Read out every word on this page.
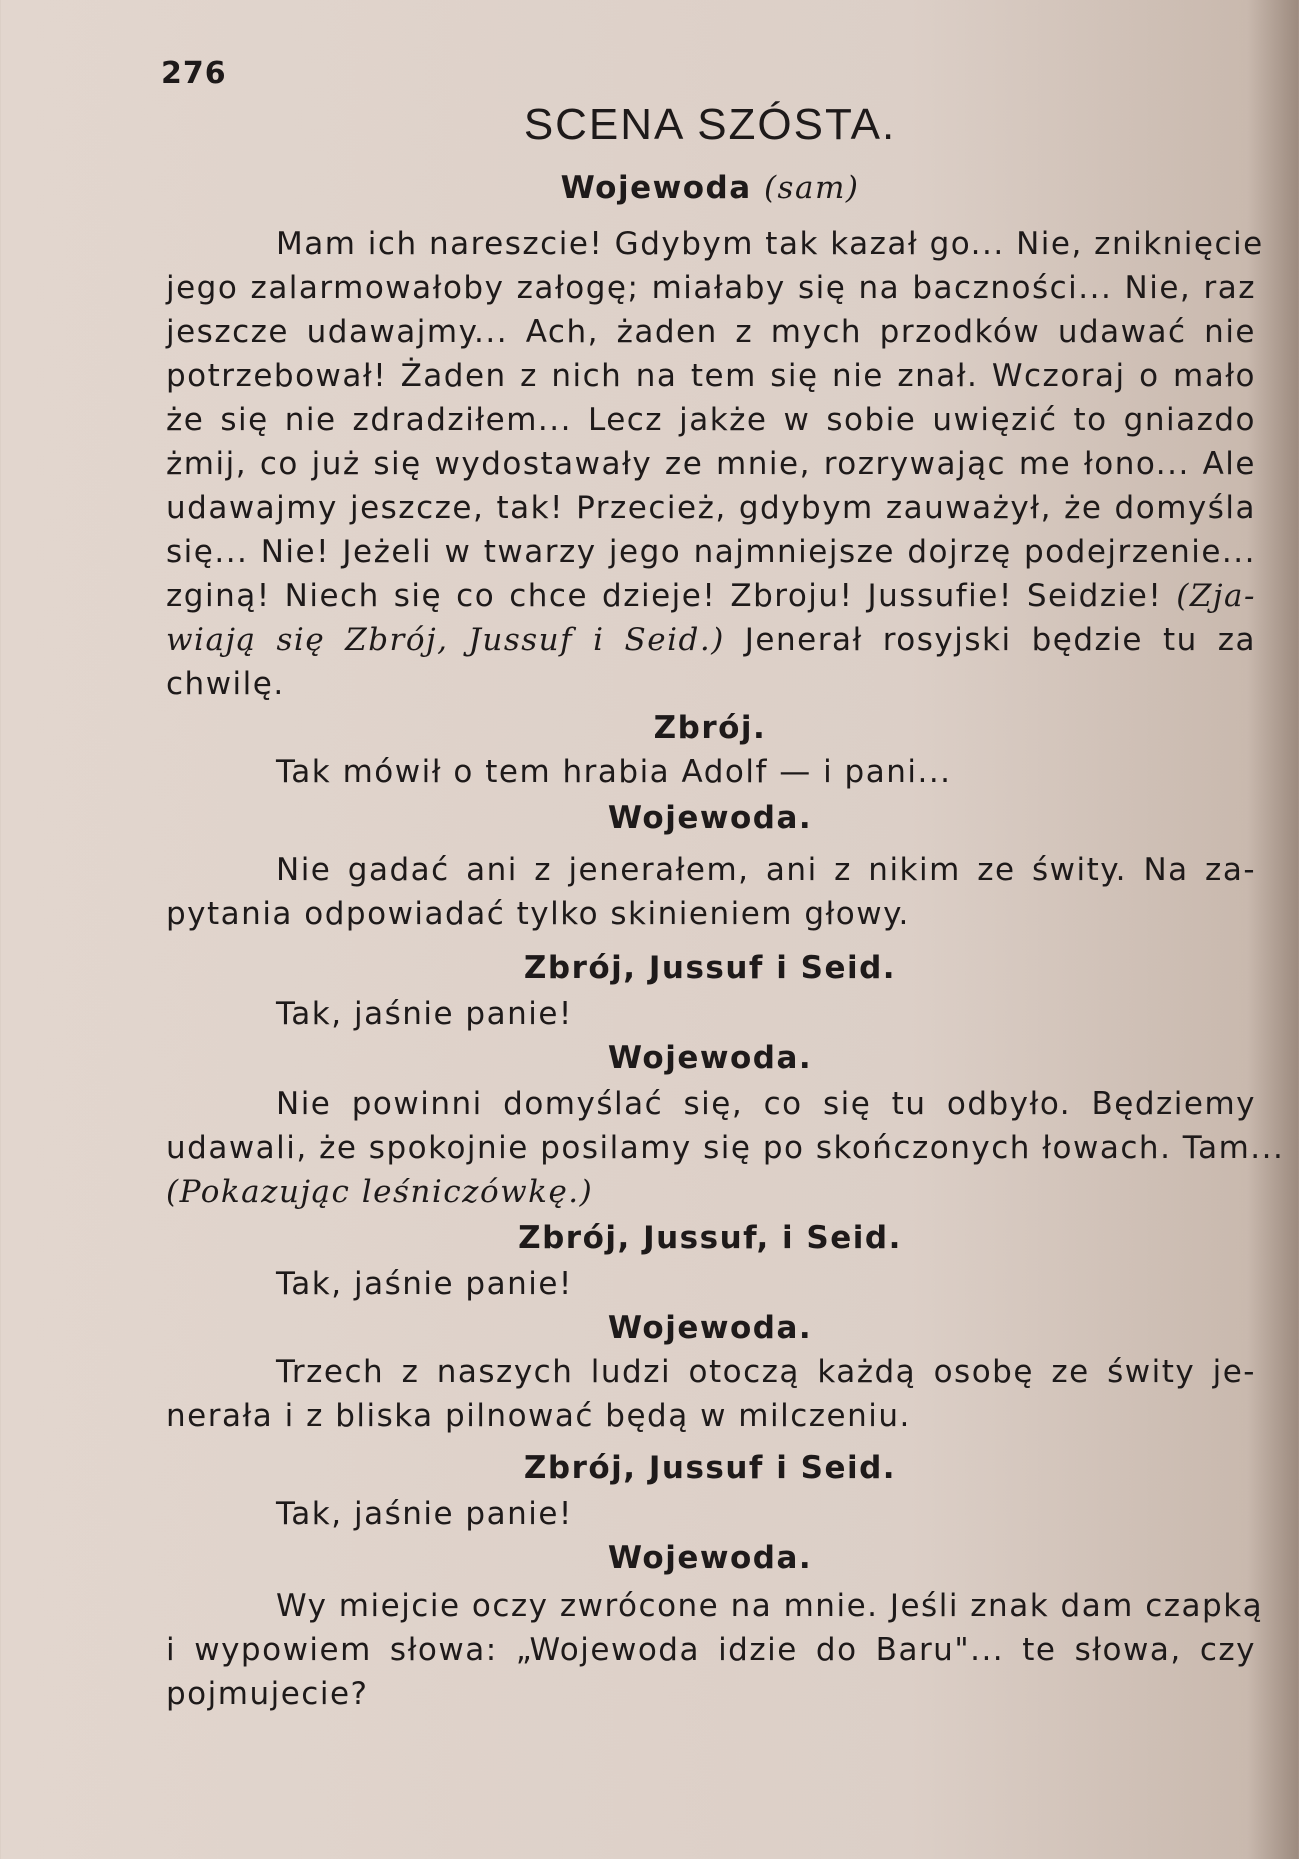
276
SCENA SZÓSTA.
Wojewoda (sam)
Mam ich nareszcie! Gdybym tak kazał go... Nie, zniknięcie
jego zalarmowałoby załogę; miałaby się na baczności... Nie, raz
jeszcze udawajmy... Ach, żaden z mych przodków udawać nie
potrzebował! Żaden z nich na tem się nie znał. Wczoraj o mało
że się nie zdradziłem... Lecz jakże w sobie uwięzić to gniazdo
żmij, co już się wydostawały ze mnie, rozrywając me łono... Ale
udawajmy jeszcze, tak! Przecież, gdybym zauważył, że domyśla
się... Nie! Jeżeli w twarzy jego najmniejsze dojrzę podejrzenie...
zginą! Niech się co chce dzieje! Zbroju! Jussufie! Seidzie! (Zja-
wiają się Zbrój, Jussuf i Seid.) Jenerał rosyjski będzie tu za
chwilę.
Zbrój.
Tak mówił o tem hrabia Adolf — i pani...
Wojewoda.
Nie gadać ani z jenerałem, ani z nikim ze świty. Na za-
pytania odpowiadać tylko skinieniem głowy.
Zbrój, Jussuf i Seid.
Tak, jaśnie panie!
Wojewoda.
Nie powinni domyślać się, co się tu odbyło. Będziemy
udawali, że spokojnie posilamy się po skończonych łowach. Tam...
(Pokazując leśniczówkę.)
Zbrój, Jussuf, i Seid.
Tak, jaśnie panie!
Wojewoda.
Trzech z naszych ludzi otoczą każdą osobę ze świty je-
nerała i z bliska pilnować będą w milczeniu.
Zbrój, Jussuf i Seid.
Tak, jaśnie panie!
Wojewoda.
Wy miejcie oczy zwrócone na mnie. Jeśli znak dam czapką
i wypowiem słowa: „Wojewoda idzie do Baru"... te słowa, czy
pojmujecie?
